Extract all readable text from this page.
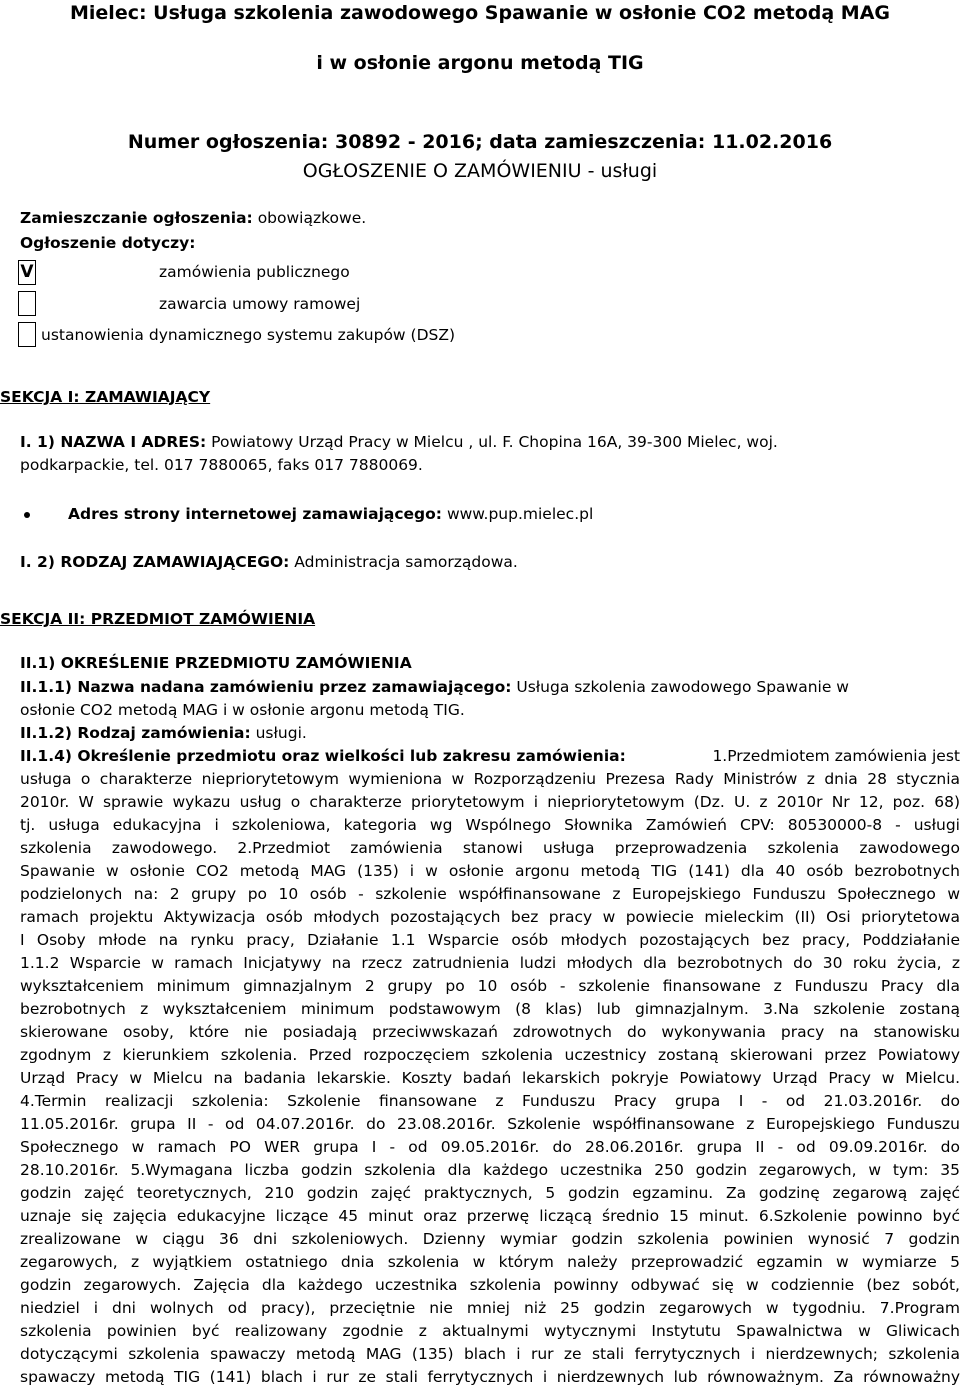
Mielec: Usługa szkolenia zawodowego Spawanie w osłonie CO2 metodą MAG
i w osłonie argonu metodą TIG
Numer ogłoszenia: 30892 - 2016; data zamieszczenia: 11.02.2016
OGŁOSZENIE O ZAMÓWIENIU - usługi
Zamieszczanie ogłoszenia: obowiązkowe.
Ogłoszenie dotyczy:
V	zamówienia publicznego
zawarcia umowy ramowej
ustanowienia dynamicznego systemu zakupów (DSZ)
SEKCJA I: ZAMAWIAJĄCY
I. 1) NAZWA I ADRES: Powiatowy Urząd Pracy w Mielcu , ul. F. Chopina 16A, 39-300 Mielec, woj.
podkarpackie, tel. 017 7880065, faks 017 7880069.
Adres strony internetowej zamawiającego: www.pup.mielec.pl
I. 2) RODZAJ ZAMAWIAJĄCEGO: Administracja samorządowa.
SEKCJA II: PRZEDMIOT ZAMÓWIENIA
II.1) OKREŚLENIE PRZEDMIOTU ZAMÓWIENIA
II.1.1) Nazwa nadana zamówieniu przez zamawiającego: Usługa szkolenia zawodowego Spawanie w
osłonie CO2 metodą MAG i w osłonie argonu metodą TIG.
II.1.2) Rodzaj zamówienia: usługi.
II.1.4) Określenie przedmiotu oraz wielkości lub zakresu zamówienia:	1.Przedmiotem zamówienia jest
usługa o charakterze niepriorytetowym wymieniona w Rozporządzeniu Prezesa Rady Ministrów z dnia 28 stycznia
2010r. W sprawie wykazu usług o charakterze priorytetowym i niepriorytetowym (Dz. U. z 2010r Nr 12, poz. 68)
tj. usługa edukacyjna i szkoleniowa, kategoria wg Wspólnego Słownika Zamówień CPV: 80530000-8 - usługi
szkolenia zawodowego. 2.Przedmiot zamówienia stanowi usługa przeprowadzenia szkolenia zawodowego
Spawanie w osłonie CO2 metodą MAG (135) i w osłonie argonu metodą TIG (141) dla 40 osób bezrobotnych
podzielonych na: 2 grupy po 10 osób - szkolenie współfinansowane z Europejskiego Funduszu Społecznego w
ramach projektu Aktywizacja osób młodych pozostających bez pracy w powiecie mieleckim (II) Osi priorytetowa
I Osoby młode na rynku pracy, Działanie 1.1 Wsparcie osób młodych pozostających bez pracy, Poddziałanie
1.1.2 Wsparcie w ramach Inicjatywy na rzecz zatrudnienia ludzi młodych dla bezrobotnych do 30 roku życia, z
wykształceniem minimum gimnazjalnym 2 grupy po 10 osób - szkolenie finansowane z Funduszu Pracy dla
bezrobotnych z wykształceniem minimum podstawowym (8 klas) lub gimnazjalnym. 3.Na szkolenie zostaną
skierowane osoby, które nie posiadają przeciwwskazań zdrowotnych do wykonywania pracy na stanowisku
zgodnym z kierunkiem szkolenia. Przed rozpoczęciem szkolenia uczestnicy zostaną skierowani przez Powiatowy
Urząd Pracy w Mielcu na badania lekarskie. Koszty badań lekarskich pokryje Powiatowy Urząd Pracy w Mielcu.
4.Termin realizacji szkolenia: Szkolenie finansowane z Funduszu Pracy grupa I - od 21.03.2016r. do
11.05.2016r. grupa II - od 04.07.2016r. do 23.08.2016r. Szkolenie współfinansowane z Europejskiego Funduszu
Społecznego w ramach PO WER grupa I - od 09.05.2016r. do 28.06.2016r. grupa II - od 09.09.2016r. do
28.10.2016r. 5.Wymagana liczba godzin szkolenia dla każdego uczestnika 250 godzin zegarowych, w tym: 35
godzin zajęć teoretycznych, 210 godzin zajęć praktycznych, 5 godzin egzaminu. Za godzinę zegarową zajęć
uznaje się zajęcia edukacyjne liczące 45 minut oraz przerwę liczącą średnio 15 minut. 6.Szkolenie powinno być
zrealizowane w ciągu 36 dni szkoleniowych. Dzienny wymiar godzin szkolenia powinien wynosić 7 godzin
zegarowych, z wyjątkiem ostatniego dnia szkolenia w którym należy przeprowadzić egzamin w wymiarze 5
godzin zegarowych. Zajęcia dla każdego uczestnika szkolenia powinny odbywać się w codziennie (bez sobót,
niedziel i dni wolnych od pracy), przeciętnie nie mniej niż 25 godzin zegarowych w tygodniu. 7.Program
szkolenia powinien być realizowany zgodnie z aktualnymi wytycznymi Instytutu Spawalnictwa w Gliwicach
dotyczącymi szkolenia spawaczy metodą MAG (135) blach i rur ze stali ferrytycznych i nierdzewnych; szkolenia
spawaczy metodą TIG (141) blach i rur ze stali ferrytycznych i nierdzewnych lub równoważnym. Za równoważny
